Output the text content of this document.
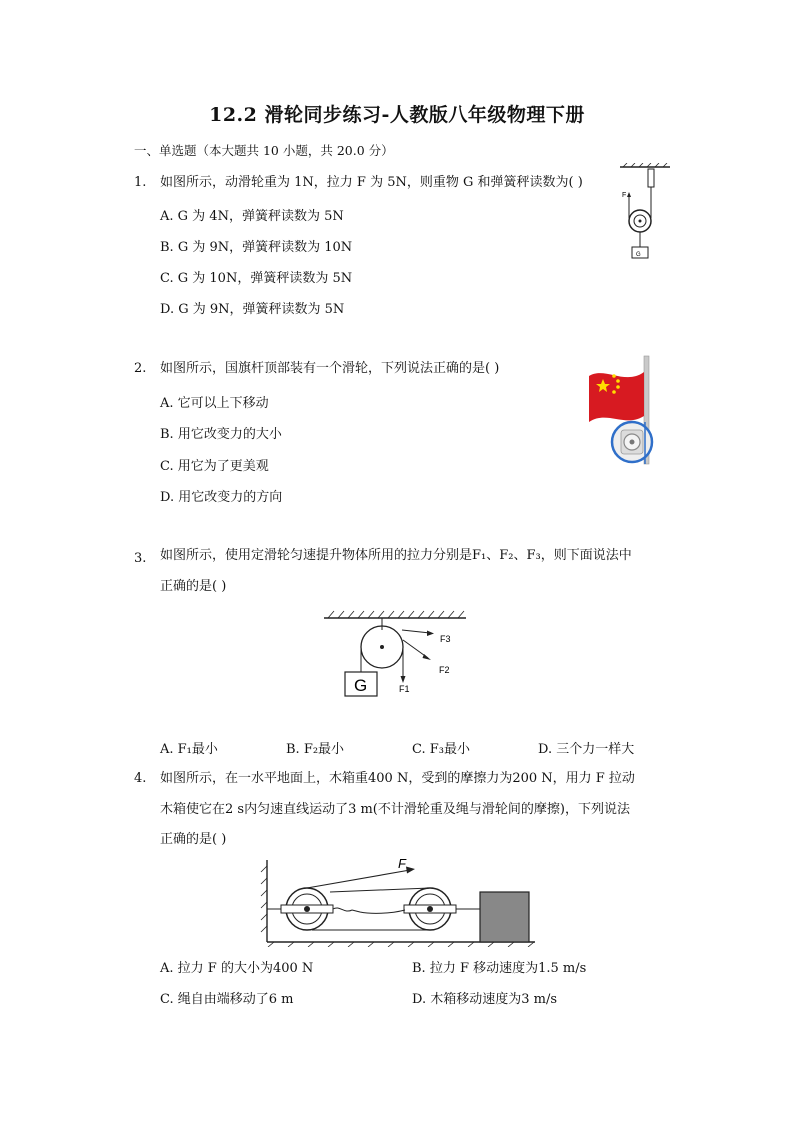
12.2 滑轮同步练习-人教版八年级物理下册
一、单选题（本大题共 10 小题，共 20.0 分）
1. 如图所示，动滑轮重为 1N，拉力 F 为 5N，则重物 G 和弹簧秤读数为( )
A. G 为 4N，弹簧秤读数为 5N
B. G 为 9N，弹簧秤读数为 10N
C. G 为 10N，弹簧秤读数为 5N
D. G 为 9N，弹簧秤读数为 5N
F
G
2. 如图所示，国旗杆顶部装有一个滑轮，下列说法正确的是( )
A. 它可以上下移动
B. 用它改变力的大小
C. 用它为了更美观
D. 用它改变力的方向
3. 如图所示，使用定滑轮匀速提升物体所用的拉力分别是F₁、F₂、F₃，则下面说法中
正确的是( )
G	F1
F2
F3
A. F₁最小	B. F₂最小	C. F₃最小	D. 三个力一样大
4. 如图所示，在一水平地面上，木箱重400 N，受到的摩擦力为200 N，用力 F 拉动
木箱使它在2 s内匀速直线运动了3 m(不计滑轮重及绳与滑轮间的摩擦)，下列说法
正确的是( )
F
A. 拉力 F 的大小为400 N	B. 拉力 F 移动速度为1.5 m/s
C. 绳自由端移动了6 m	D. 木箱移动速度为3 m/s
